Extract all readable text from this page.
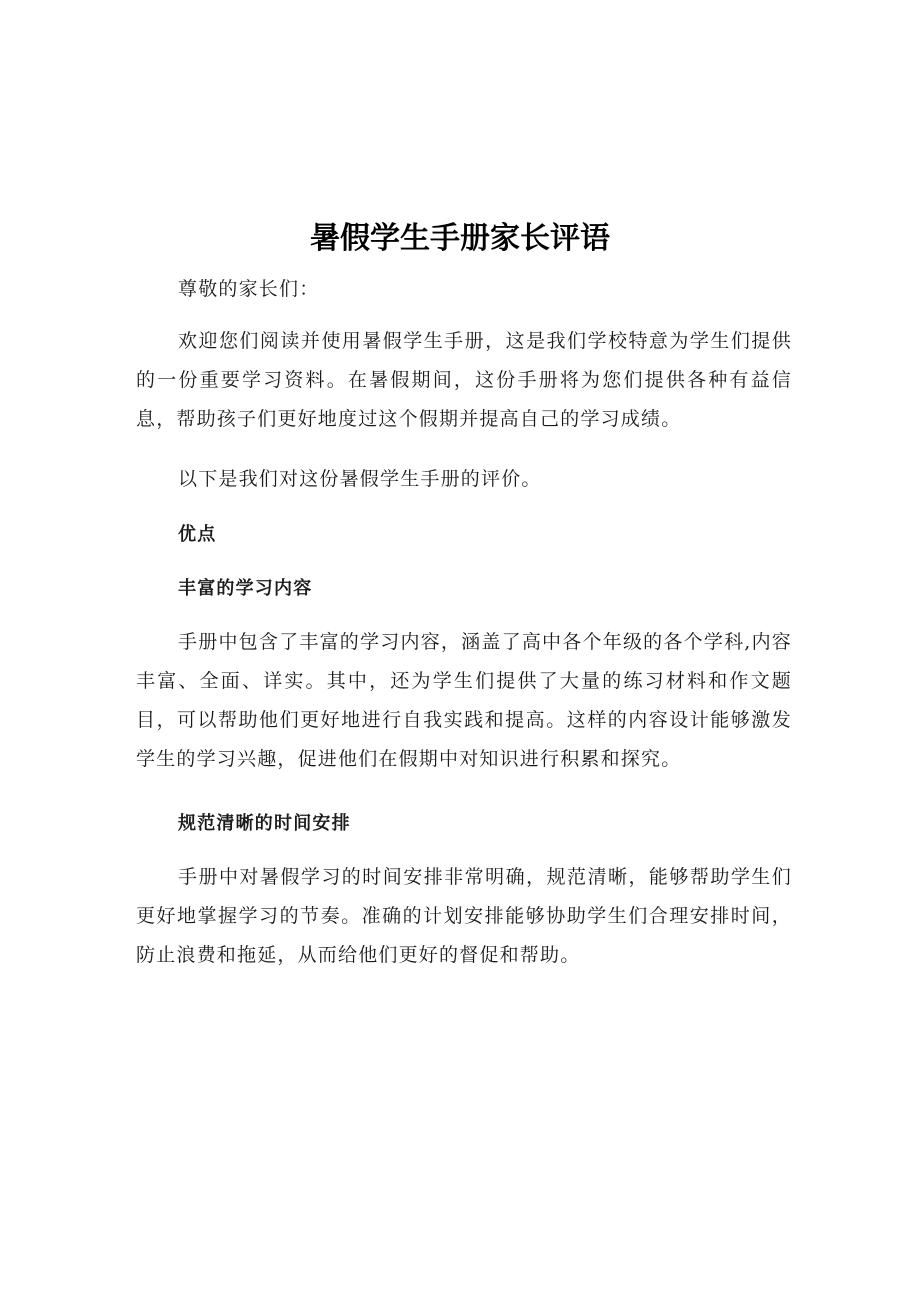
暑假学生手册家长评语

尊敬的家长们：

欢迎您们阅读并使用暑假学生手册，这是我们学校特意为学生们提供的一份重要学习资料。在暑假期间，这份手册将为您们提供各种有益信息，帮助孩子们更好地度过这个假期并提高自己的学习成绩。

以下是我们对这份暑假学生手册的评价。

优点

丰富的学习内容

手册中包含了丰富的学习内容，涵盖了高中各个年级的各个学科,内容丰富、全面、详实。其中，还为学生们提供了大量的练习材料和作文题目，可以帮助他们更好地进行自我实践和提高。这样的内容设计能够激发学生的学习兴趣，促进他们在假期中对知识进行积累和探究。

规范清晰的时间安排

手册中对暑假学习的时间安排非常明确，规范清晰，能够帮助学生们更好地掌握学习的节奏。准确的计划安排能够协助学生们合理安排时间，防止浪费和拖延，从而给他们更好的督促和帮助。
